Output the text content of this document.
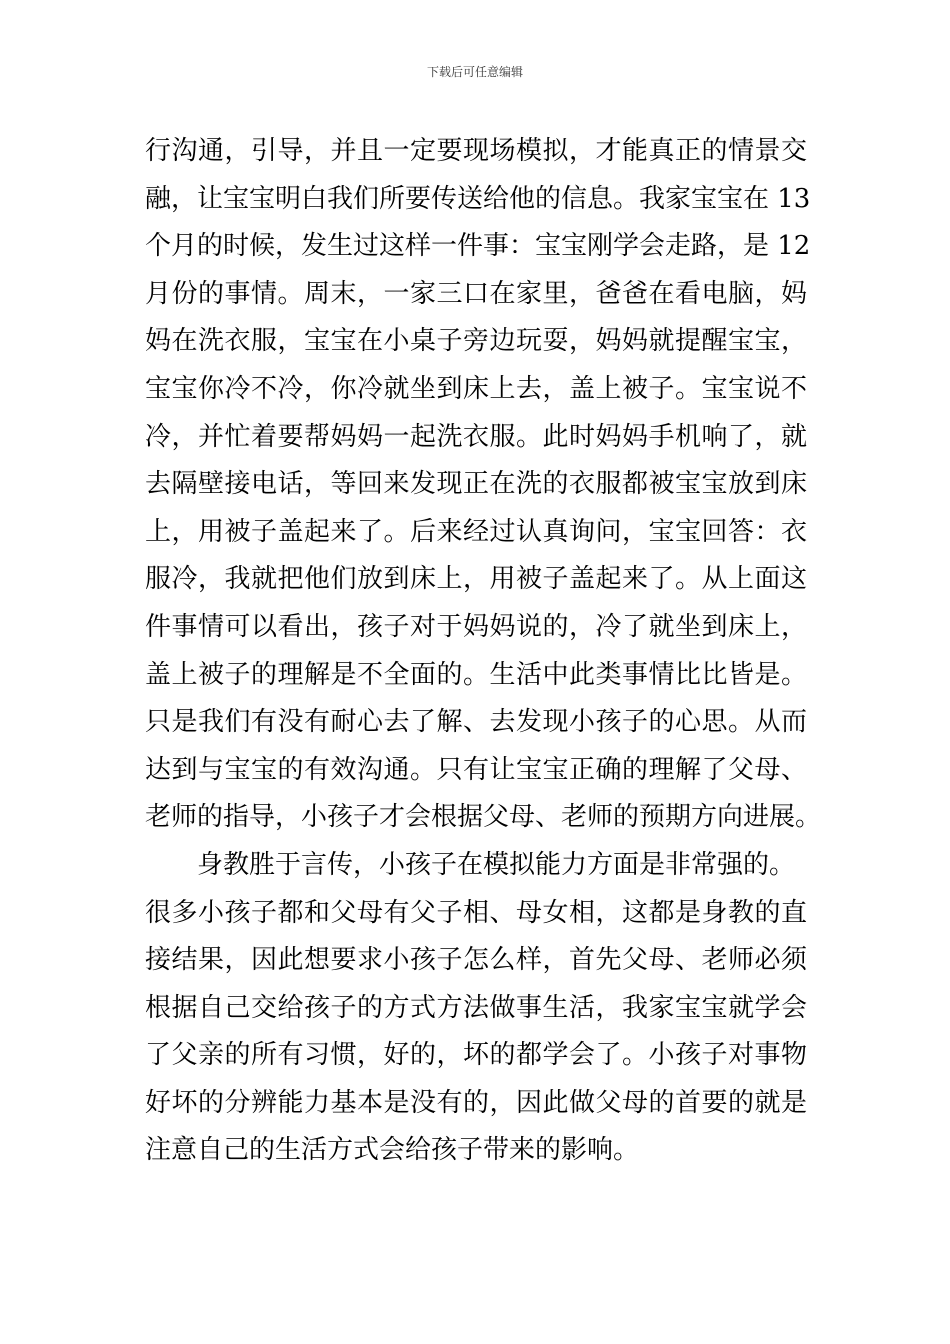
下载后可任意编辑
行沟通，引导，并且一定要现场模拟，才能真正的情景交
融，让宝宝明白我们所要传送给他的信息。我家宝宝在 13
个月的时候，发生过这样一件事：宝宝刚学会走路，是 12
月份的事情。周末，一家三口在家里，爸爸在看电脑，妈
妈在洗衣服，宝宝在小桌子旁边玩耍，妈妈就提醒宝宝，
宝宝你冷不冷，你冷就坐到床上去，盖上被子。宝宝说不
冷，并忙着要帮妈妈一起洗衣服。此时妈妈手机响了，就
去隔壁接电话，等回来发现正在洗的衣服都被宝宝放到床
上，用被子盖起来了。后来经过认真询问，宝宝回答：衣
服冷，我就把他们放到床上，用被子盖起来了。从上面这
件事情可以看出，孩子对于妈妈说的，冷了就坐到床上，
盖上被子的理解是不全面的。生活中此类事情比比皆是。
只是我们有没有耐心去了解、去发现小孩子的心思。从而
达到与宝宝的有效沟通。只有让宝宝正确的理解了父母、
老师的指导，小孩子才会根据父母、老师的预期方向进展。
身教胜于言传，小孩子在模拟能力方面是非常强的。
很多小孩子都和父母有父子相、母女相，这都是身教的直
接结果，因此想要求小孩子怎么样，首先父母、老师必须
根据自己交给孩子的方式方法做事生活，我家宝宝就学会
了父亲的所有习惯，好的，坏的都学会了。小孩子对事物
好坏的分辨能力基本是没有的，因此做父母的首要的就是
注意自己的生活方式会给孩子带来的影响。
